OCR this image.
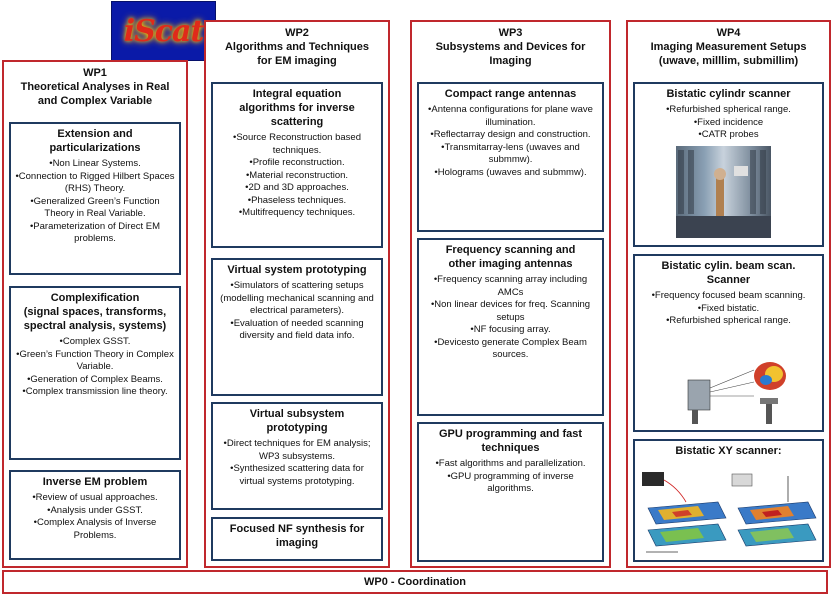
iScat
WP1
Theoretical Analyses in Real
and Complex Variable
Extension and
particularizations
• Non Linear Systems.
• Connection to Rigged Hilbert Spaces (RHS) Theory.
• Generalized Green’s Function Theory in Real Variable.
• Parameterization of Direct EM problems.
Complexification
(signal spaces, transforms,
spectral analysis, systems)
• Complex GSST.
• Green’s Function Theory in Complex Variable.
• Generation of Complex Beams.
• Complex transmission line theory.
Inverse EM problem
• Review of usual approaches.
• Analysis under GSST.
• Complex Analysis of Inverse Problems.
WP2
Algorithms and Techniques
for EM imaging
Integral equation
algorithms for inverse
scattering
• Source Reconstruction based techniques.
• Profile reconstruction.
• Material reconstruction.
• 2D and 3D approaches.
• Phaseless techniques.
• Multifrequency techniques.
Virtual system prototyping
• Simulators of scattering setups (modelling mechanical scanning and electrical parameters).
• Evaluation of needed scanning diversity and field data info.
Virtual subsystem
prototyping
• Direct techniques for EM analysis; WP3 subsystems.
• Synthesized scattering data for virtual systems prototyping.
Focused NF synthesis for
imaging
WP3
Subsystems and Devices for
Imaging
Compact range antennas
• Antenna configurations for plane wave illumination.
• Reflectarray design and construction.
• Transmitarray-lens (uwaves and submmw).
• Holograms (uwaves and submmw).
Frequency scanning and
other imaging antennas
• Frequency scanning array including AMCs
• Non linear devices for freq. Scanning setups
• NF focusing array.
• Devicesto generate Complex Beam sources.
GPU programming and fast
techniques
• Fast algorithms and parallelization.
• GPU programming of inverse algorithms.
WP4
Imaging Measurement Setups
(uwave, milllim, submillim)
Bistatic cylindr scanner
• Refurbished spherical range.
• Fixed incidence
• CATR probes
Bistatic cylin. beam scan.
Scanner
• Frequency focused beam scanning.
• Fixed bistatic.
• Refurbished spherical range.
Bistatic XY scanner:
WP0 - Coordination
